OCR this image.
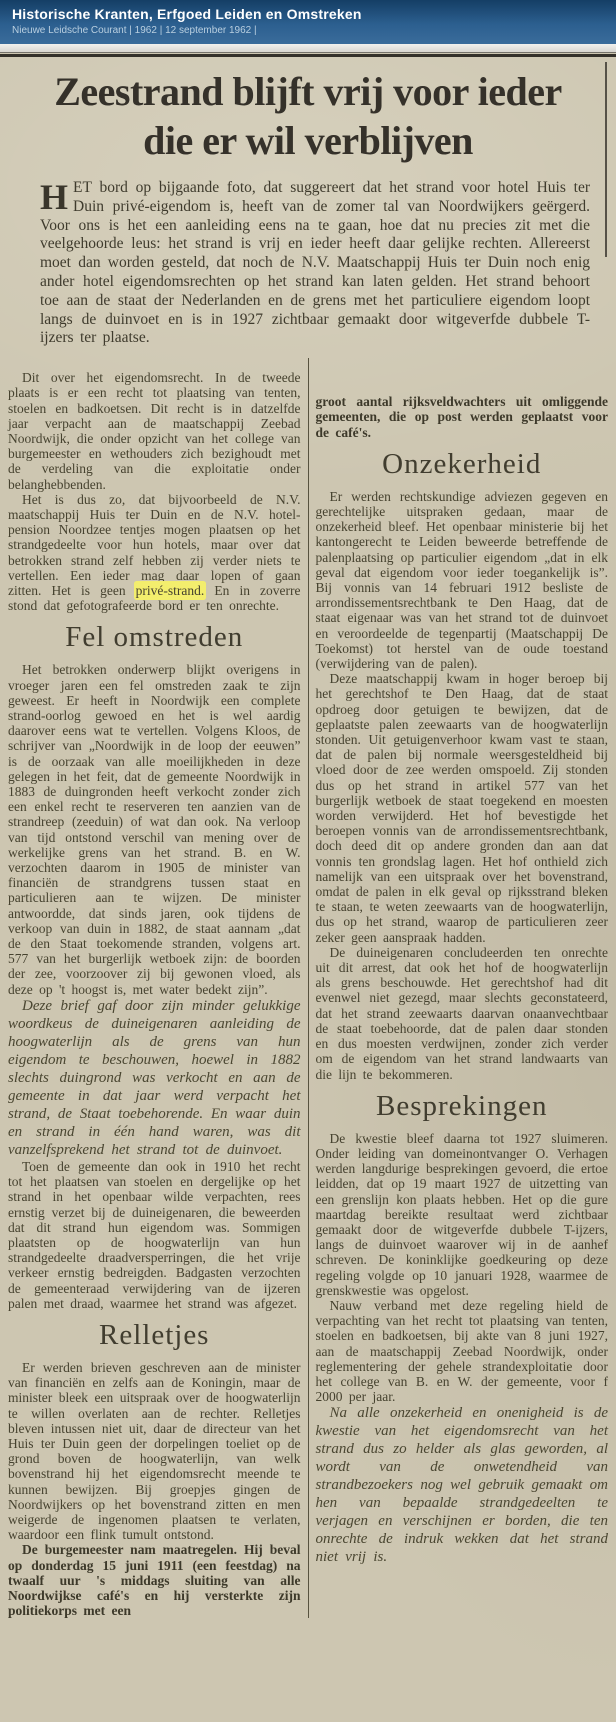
Historische Kranten, Erfgoed Leiden en Omstreken
Nieuwe Leidsche Courant | 1962 | 12 september 1962 |
Zeestrand blijft vrij voor ieder
die er wil verblijven

HET bord op bijgaande foto, dat suggereert dat het strand voor hotel Huis ter Duin privé-eigendom is, heeft van de zomer tal van Noordwijkers geërgerd. Voor ons is het een aanleiding eens na te gaan, hoe dat nu precies zit met die veelgehoorde leus: het strand is vrij en ieder heeft daar gelijke rechten. Allereerst moet dan worden gesteld, dat noch de N.V. Maatschappij Huis ter Duin noch enig ander hotel eigendomsrechten op het strand kan laten gelden. Het strand behoort toe aan de staat der Nederlanden en de grens met het particuliere eigendom loopt langs de duinvoet en is in 1927 zichtbaar gemaakt door witgeverfde dubbele T-ijzers ter plaatse.

Dit over het eigendomsrecht. In de tweede plaats is er een recht tot plaatsing van tenten, stoelen en badkoetsen. Dit recht is in datzelfde jaar verpacht aan de maatschappij Zeebad Noordwijk, die onder opzicht van het college van burgemeester en wethouders zich bezighoudt met de verdeling van die exploitatie onder belanghebbenden.

Het is dus zo, dat bijvoorbeeld de N.V. maatschappij Huis ter Duin en de N.V. hotel-pension Noordzee tentjes mogen plaatsen op het strandgedeelte voor hun hotels, maar over dat betrokken strand zelf hebben zij verder niets te vertellen. Een ieder mag daar lopen of gaan zitten. Het is geen privé-strand. En in zoverre stond dat gefotografeerde bord er ten onrechte.

Fel omstreden

Het betrokken onderwerp blijkt overigens in vroeger jaren een fel omstreden zaak te zijn geweest. Er heeft in Noordwijk een complete strand-oorlog gewoed en het is wel aardig daarover eens wat te vertellen. Volgens Kloos, de schrijver van „Noordwijk in de loop der eeuwen” is de oorzaak van alle moeilijkheden in deze gelegen in het feit, dat de gemeente Noordwijk in 1883 de duingronden heeft verkocht zonder zich een enkel recht te reserveren ten aanzien van de strandreep (zeeduin) of wat dan ook. Na verloop van tijd ontstond verschil van mening over de werkelijke grens van het strand. B. en W. verzochten daarom in 1905 de minister van financiën de strandgrens tussen staat en particulieren aan te wijzen. De minister antwoordde, dat sinds jaren, ook tijdens de verkoop van duin in 1882, de staat aannam „dat de den Staat toekomende stranden, volgens art. 577 van het burgerlijk wetboek zijn: de boorden der zee, voorzoover zij bij gewonen vloed, als deze op 't hoogst is, met water bedekt zijn”.

Deze brief gaf door zijn minder gelukkige woordkeus de duineigenaren aanleiding de hoogwaterlijn als de grens van hun eigendom te beschouwen, hoewel in 1882 slechts duingrond was verkocht en aan de gemeente in dat jaar werd verpacht het strand, de Staat toebehorende. En waar duin en strand in één hand waren, was dit vanzelfsprekend het strand tot de duinvoet.

Toen de gemeente dan ook in 1910 het recht tot het plaatsen van stoelen en dergelijke op het strand in het openbaar wilde verpachten, rees ernstig verzet bij de duineigenaren, die beweerden dat dit strand hun eigendom was. Sommigen plaatsten op de hoogwaterlijn van hun strandgedeelte draadversperringen, die het vrije verkeer ernstig bedreigden. Badgasten verzochten de gemeenteraad verwijdering van de ijzeren palen met draad, waarmee het strand was afgezet.

Relletjes

Er werden brieven geschreven aan de minister van financiën en zelfs aan de Koningin, maar de minister bleek een uitspraak over de hoogwaterlijn te willen overlaten aan de rechter. Relletjes bleven intussen niet uit, daar de directeur van het Huis ter Duin geen der dorpelingen toeliet op de grond boven de hoogwaterlijn, van welk bovenstrand hij het eigendomsrecht meende te kunnen bewijzen. Bij groepjes gingen de Noordwijkers op het bovenstrand zitten en men weigerde de ingenomen plaatsen te verlaten, waardoor een flink tumult ontstond.

De burgemeester nam maatregelen. Hij beval op donderdag 15 juni 1911 (een feestdag) na twaalf uur 's middags sluiting van alle Noordwijkse café's en hij versterkte zijn politiekorps met een

groot aantal rijksveldwachters uit omliggende gemeenten, die op post werden geplaatst voor de café's.

Onzekerheid

Er werden rechtskundige adviezen gegeven en gerechtelijke uitspraken gedaan, maar de onzekerheid bleef. Het openbaar ministerie bij het kantongerecht te Leiden beweerde betreffende de palenplaatsing op particulier eigendom „dat in elk geval dat eigendom voor ieder toegankelijk is”. Bij vonnis van 14 februari 1912 besliste de arrondissementsrechtbank te Den Haag, dat de staat eigenaar was van het strand tot de duinvoet en veroordeelde de tegenpartij (Maatschappij De Toekomst) tot herstel van de oude toestand (verwijdering van de palen).

Deze maatschappij kwam in hoger beroep bij het gerechtshof te Den Haag, dat de staat opdroeg door getuigen te bewijzen, dat de geplaatste palen zeewaarts van de hoogwaterlijn stonden. Uit getuigenverhoor kwam vast te staan, dat de palen bij normale weersgesteldheid bij vloed door de zee werden omspoeld. Zij stonden dus op het strand in artikel 577 van het burgerlijk wetboek de staat toegekend en moesten worden verwijderd. Het hof bevestigde het beroepen vonnis van de arrondissementsrechtbank, doch deed dit op andere gronden dan aan dat vonnis ten grondslag lagen. Het hof onthield zich namelijk van een uitspraak over het bovenstrand, omdat de palen in elk geval op rijksstrand bleken te staan, te weten zeewaarts van de hoogwaterlijn, dus op het strand, waarop de particulieren zeer zeker geen aanspraak hadden.

De duineigenaren concludeerden ten onrechte uit dit arrest, dat ook het hof de hoogwaterlijn als grens beschouwde. Het gerechtshof had dit evenwel niet gezegd, maar slechts geconstateerd, dat het strand zeewaarts daarvan onaanvechtbaar de staat toebehoorde, dat de palen daar stonden en dus moesten verdwijnen, zonder zich verder om de eigendom van het strand landwaarts van die lijn te bekommeren.

Besprekingen

De kwestie bleef daarna tot 1927 sluimeren. Onder leiding van domeinontvanger O. Verhagen werden langdurige besprekingen gevoerd, die ertoe leidden, dat op 19 maart 1927 de uitzetting van een grenslijn kon plaats hebben. Het op die gure maartdag bereikte resultaat werd zichtbaar gemaakt door de witgeverfde dubbele T-ijzers, langs de duinvoet waarover wij in de aanhef schreven. De koninklijke goedkeuring op deze regeling volgde op 10 januari 1928, waarmee de grenskwestie was opgelost.

Nauw verband met deze regeling hield de verpachting van het recht tot plaatsing van tenten, stoelen en badkoetsen, bij akte van 8 juni 1927, aan de maatschappij Zeebad Noordwijk, onder reglementering der gehele strandexploitatie door het college van B. en W. der gemeente, voor f 2000 per jaar.

Na alle onzekerheid en onenigheid is de kwestie van het eigendomsrecht van het strand dus zo helder als glas geworden, al wordt van de onwetendheid van strandbezoekers nog wel gebruik gemaakt om hen van bepaalde strandgedeelten te verjagen en verschijnen er borden, die ten onrechte de indruk wekken dat het strand niet vrij is.
